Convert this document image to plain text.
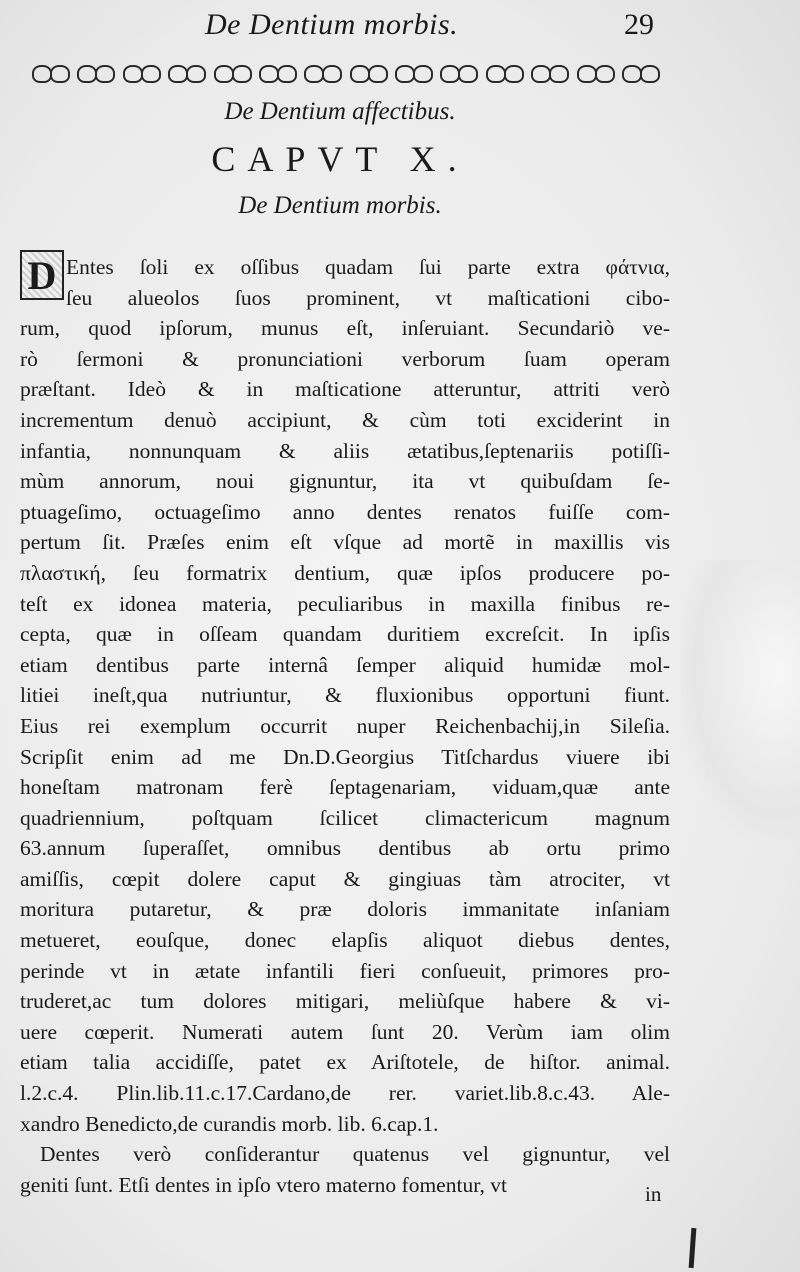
De Dentium morbis.	29
De Dentium affectibus.
CAPVT X.
De Dentium morbis.
D Entes ſoli ex oſſibus quadam ſui parte extra φάτνια,
ſeu alueolos ſuos prominent, vt maſticationi cibo-
rum, quod ipſorum, munus eſt, inſeruiant. Secundariò ve-
rò ſermoni & pronunciationi verborum ſuam operam
præſtant. Ideò & in maſticatione atteruntur, attriti verò
incrementum denuò accipiunt, & cùm toti exciderint in
infantia, nonnunquam & aliis ætatibus,ſeptenariis potiſſi-
mùm annorum, noui gignuntur, ita vt quibuſdam ſe-
ptuageſimo, octuageſimo anno dentes renatos fuiſſe com-
pertum ſit. Præſes enim eſt vſque ad mortẽ in maxillis vis
πλαστική, ſeu formatrix dentium, quæ ipſos producere po-
teſt ex idonea materia, peculiaribus in maxilla finibus re-
cepta, quæ in oſſeam quandam duritiem excreſcit. In ipſis
etiam dentibus parte internâ ſemper aliquid humidæ mol-
litiei ineſt,qua nutriuntur, & fluxionibus opportuni fiunt.
Eius rei exemplum occurrit nuper Reichenbachij,in Sileſia.
Scripſit enim ad me Dn.D.Georgius Titſchardus viuere ibi
honeſtam matronam ferè ſeptagenariam, viduam,quæ ante
quadriennium, poſtquam ſcilicet climactericum magnum
63.annum ſuperaſſet, omnibus dentibus ab ortu primo
amiſſis, cœpit dolere caput & gingiuas tàm atrociter, vt
moritura putaretur, & præ doloris immanitate inſaniam
metueret, eouſque, donec elapſis aliquot diebus dentes,
perinde vt in ætate infantili fieri conſueuit, primores pro-
truderet,ac tum dolores mitigari, meliùſque habere & vi-
uere cœperit. Numerati autem ſunt 20. Verùm iam olim
etiam talia accidiſſe, patet ex Ariſtotele, de hiſtor. animal.
l.2.c.4. Plin.lib.11.c.17.Cardano,de rer. variet.lib.8.c.43. Ale-
xandro Benedicto,de curandis morb. lib. 6.cap.1.
Dentes verò conſiderantur quatenus vel gignuntur, vel
geniti ſunt. Etſi dentes in ipſo vtero materno fomentur, vt	in
